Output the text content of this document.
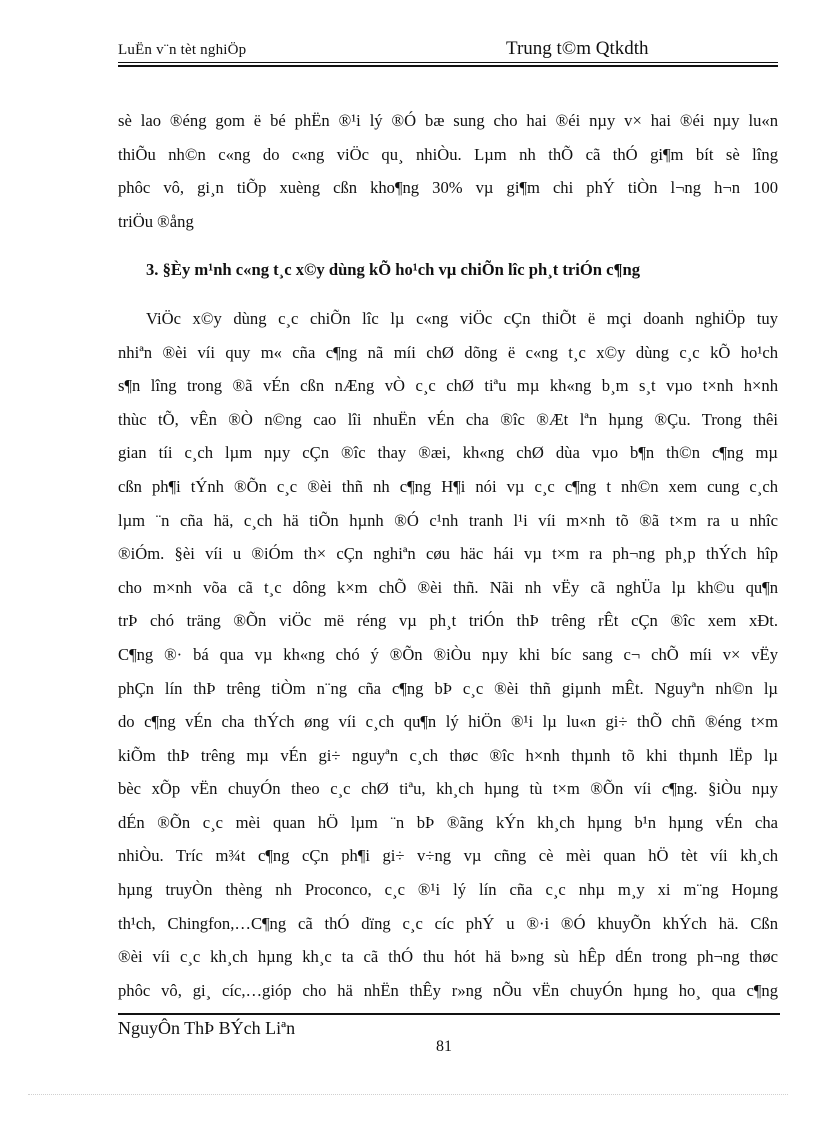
LuËn v¨n tèt nghiÖp	Trung t©m Qtkdth
sè lao ®éng gom ë bé phËn ®¹i lý ®Ó bæ sung cho hai ®éi nµy v× hai ®éi nµy lu«n
thiÕu nh©n c«ng do c«ng viÖc qu¸ nhiÒu. Lµm nh thÕ cã thÓ gi¶m bít sè lîng
phôc vô, gi¸n tiÕp xuèng cßn kho¶ng 30% vµ gi¶m chi phÝ tiÒn l¬ng h¬n 100
triÖu ®ång
3. §Èy m¹nh c«ng t¸c x©y dùng kÕ ho¹ch vµ chiÕn lîc ph¸t triÓn c¶ng
ViÖc x©y dùng c¸c chiÕn lîc lµ c«ng viÖc cÇn thiÕt ë mçi doanh nghiÖp tuy
nhiªn ®èi víi quy m« cña c¶ng nã míi chØ dõng ë c«ng t¸c x©y dùng c¸c kÕ ho¹ch
s¶n lîng trong ®ã vÉn cßn nÆng vÒ c¸c chØ tiªu mµ kh«ng b¸m s¸t vµo t×nh h×nh
thùc tÕ, vÊn ®Ò n©ng cao lîi nhuËn vÉn cha ®îc ®Æt lªn hµng ®Çu. Trong thêi
gian tíi c¸ch lµm nµy cÇn ®îc thay ®æi, kh«ng chØ dùa vµo b¶n th©n c¶ng mµ
cßn ph¶i tÝnh ®Õn c¸c ®èi thñ nh c¶ng H¶i nói vµ c¸c c¶ng t nh©n xem cung c¸ch
lµm ¨n cña hä, c¸ch hä tiÕn hµnh ®Ó c¹nh tranh l¹i víi m×nh tõ ®ã t×m ra u nhîc
®iÓm. §èi víi u ®iÓm th× cÇn nghiªn cøu häc hái vµ t×m ra ph¬ng ph¸p thÝch hîp
cho m×nh võa cã t¸c dông k×m chÕ ®èi thñ. Nãi nh vËy cã nghÜa lµ kh©u qu¶n
trÞ chó träng ®Õn viÖc më réng vµ ph¸t triÓn thÞ trêng rÊt cÇn ®îc xem xÐt.
C¶ng ®· bá qua vµ kh«ng chó ý ®Õn ®iÒu nµy khi bíc sang c¬ chÕ míi v× vËy
phÇn lín thÞ trêng tiÒm n¨ng cña c¶ng bÞ c¸c ®èi thñ giµnh mÊt. Nguyªn nh©n lµ
do c¶ng vÉn cha thÝch øng víi c¸ch qu¶n lý hiÖn ®¹i lµ lu«n gi÷ thÕ chñ ®éng t×m
kiÕm thÞ trêng mµ vÉn gi÷ nguyªn c¸ch thøc ®îc h×nh thµnh tõ khi thµnh lËp lµ
bèc xÕp vËn chuyÓn theo c¸c chØ tiªu, kh¸ch hµng tù t×m ®Õn víi c¶ng. §iÒu nµy
dÉn ®Õn c¸c mèi quan hÖ lµm ¨n bÞ ®ãng kÝn kh¸ch hµng b¹n hµng vÉn cha
nhiÒu. Tríc m¾t c¶ng cÇn ph¶i gi÷ v÷ng vµ cñng cè mèi quan hÖ tèt víi kh¸ch
hµng truyÒn thèng nh Proconco, c¸c ®¹i lý lín cña c¸c nhµ m¸y xi m¨ng Hoµng
th¹ch, Chingfon,…C¶ng cã thÓ dïng c¸c cíc phÝ u ®·i ®Ó khuyÕn khÝch hä. Cßn
®èi víi c¸c kh¸ch hµng kh¸c ta cã thÓ thu hót hä b»ng sù hÊp dÉn trong ph¬ng thøc
phôc vô, gi¸ cíc,…gióp cho hä nhËn thÊy r»ng nÕu vËn chuyÓn hµng ho¸ qua c¶ng
NguyÔn ThÞ BÝch Liªn
81
